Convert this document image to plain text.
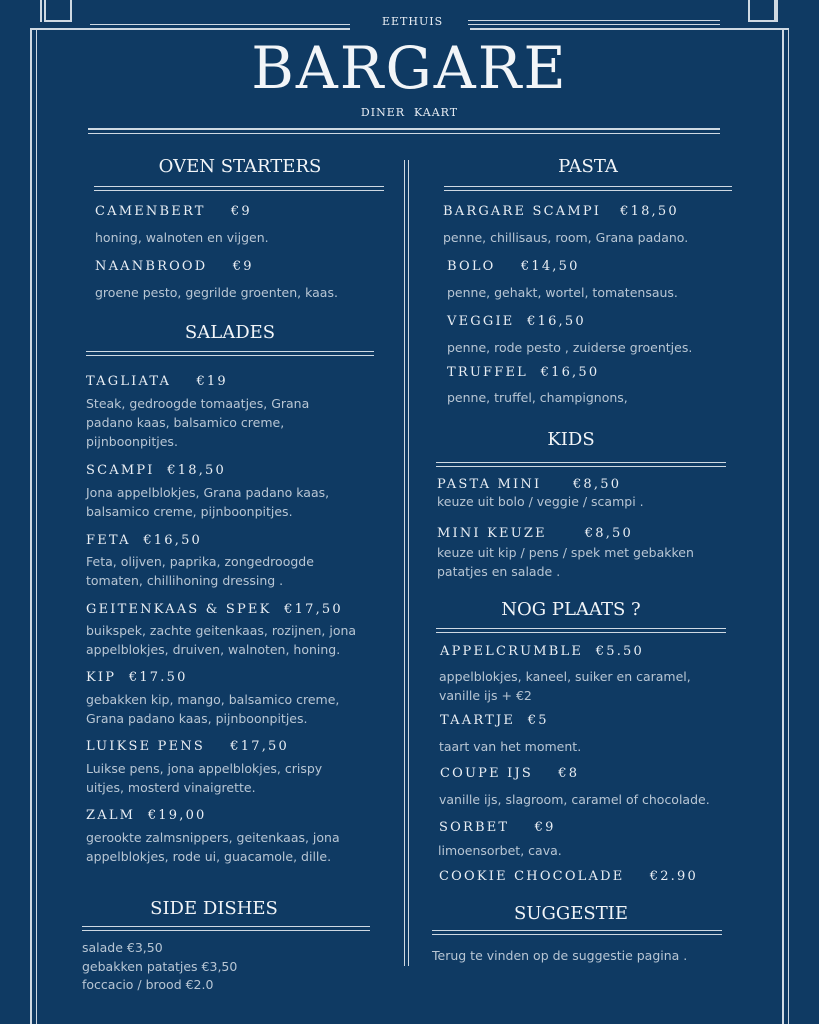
EETHUIS
BARGARE
DINER  KAART
OVEN STARTERS
CAMENBERT    €9
honing, walnoten en vijgen.
NAANBROOD    €9
groene pesto, gegrilde groenten, kaas.
SALADES
TAGLIATA    €19
Steak, gedroogde tomaatjes, Grana padano kaas, balsamico creme, pijnboonpitjes.
SCAMPI  €18,50
Jona appelblokjes, Grana padano kaas, balsamico creme, pijnboonpitjes.
FETA  €16,50
Feta, olijven, paprika, zongedroogde tomaten, chillihoning dressing .
GEITENKAAS & SPEK  €17,50
buikspek, zachte geitenkaas, rozijnen, jona appelblokjes, druiven, walnoten, honing.
KIP  €17.50
gebakken kip, mango, balsamico creme, Grana padano kaas, pijnboonpitjes.
LUIKSE PENS    €17,50
Luikse pens, jona appelblokjes, crispy uitjes, mosterd vinaigrette.
ZALM  €19,00
gerookte zalmsnippers, geitenkaas, jona appelblokjes, rode ui, guacamole, dille.
SIDE DISHES
salade €3,50
gebakken patatjes €3,50
foccacio / brood €2.0
PASTA
BARGARE SCAMPI   €18,50
penne, chillisaus, room, Grana padano.
BOLO    €14,50
penne, gehakt, wortel, tomatensaus.
VEGGIE  €16,50
penne, rode pesto , zuiderse groentjes.
TRUFFEL  €16,50
penne, truffel, champignons,
KIDS
PASTA MINI     €8,50
keuze uit bolo / veggie / scampi .
MINI KEUZE      €8,50
keuze uit kip / pens / spek met gebakken patatjes en salade .
NOG PLAATS ?
APPELCRUMBLE  €5.50
appelblokjes, kaneel, suiker en caramel, vanille ijs + €2
TAARTJE  €5
taart van het moment.
COUPE IJS    €8
vanille ijs, slagroom, caramel of chocolade.
SORBET    €9
limoensorbet, cava.
COOKIE CHOCOLADE    €2.90
SUGGESTIE
Terug te vinden op de suggestie pagina .
